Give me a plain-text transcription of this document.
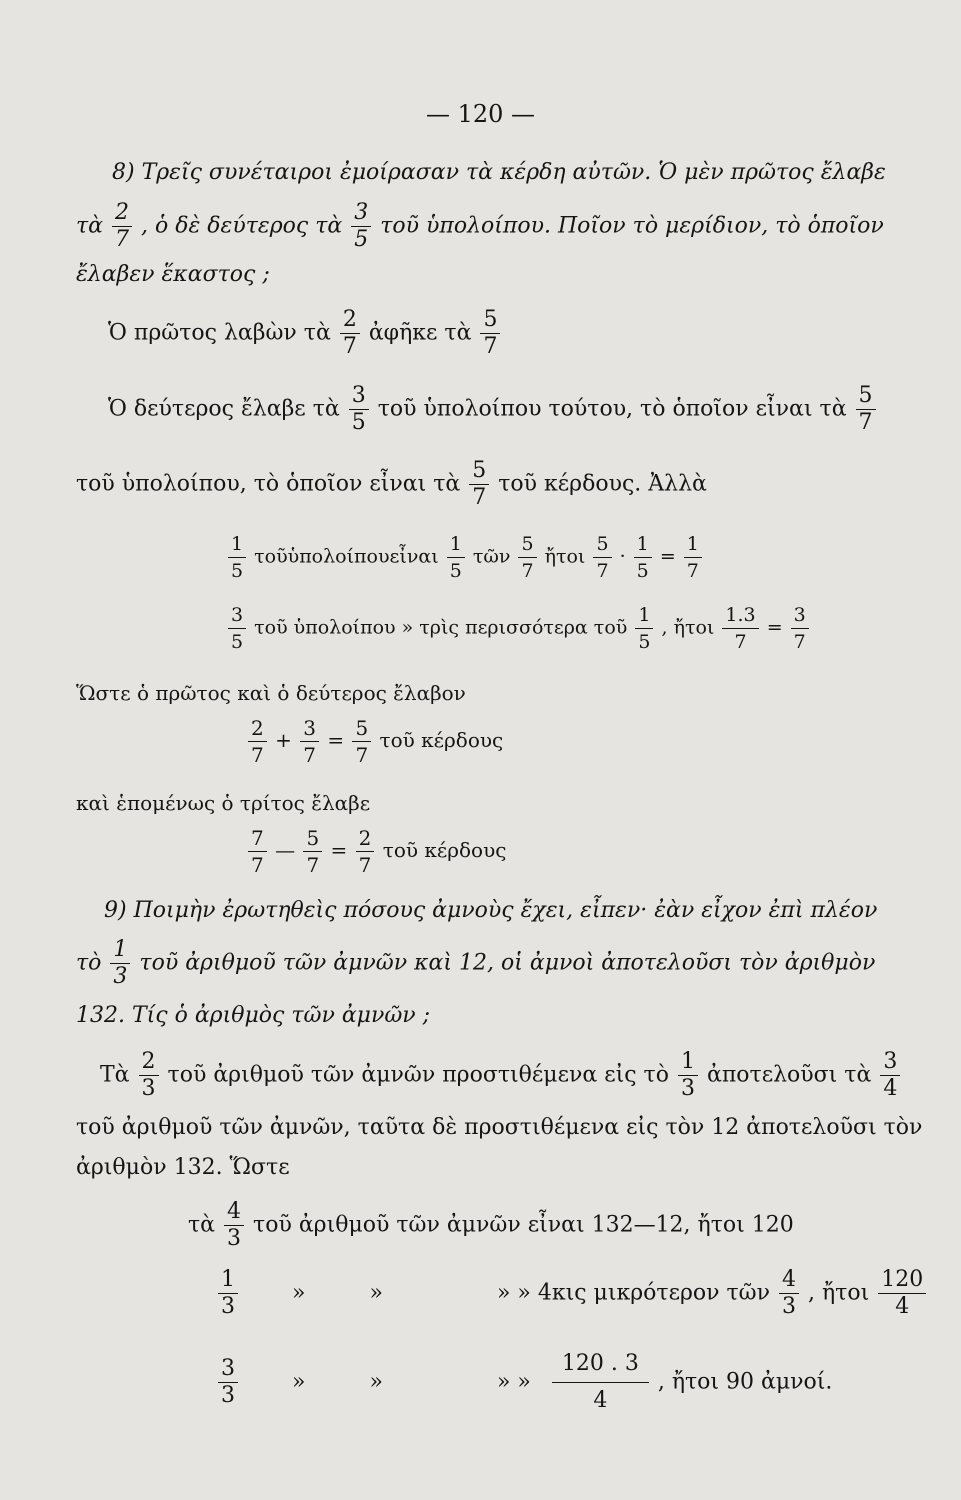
— 120 —
8) Τρεῖς συνέταιροι ἐμοίρασαν τὰ κέρδη αὐτῶν. Ὁ μὲν πρῶτος ἔλαβε
τὰ $\frac{2}{7}$ , ὁ δὲ δεύτερος τὰ $\frac{3}{5}$ τοῦ ὑπολοίπου. Ποῖον τὸ μερίδιον, τὸ ὁποῖον
ἔλαβεν ἕκαστος ;
Ὁ πρῶτος λαβὼν τὰ $\frac{2}{7}$ ἀφῆκε τὰ $\frac{5}{7}$
Ὁ δεύτερος ἔλαβε τὰ $\frac{3}{5}$ τοῦ ὑπολοίπου τούτου, τὸ ὁποῖον εἶναι τὰ $\frac{5}{7}$
τοῦ ὑπολοίπου, τὸ ὁποῖον εἶναι τὰ $\frac{5}{7}$ τοῦ κέρδους. Ἀλλὰ
$\frac{1}{5}$ τοῦὑπολοίπουεἶναι $\frac{1}{5}$ τῶν $\frac{5}{7}$ ἤτοι $\frac{5}{7} \cdot \frac{1}{5} = \frac{1}{7}$
$\frac{3}{5}$ τοῦ ὑπολοίπου » τρὶς περισσότερα τοῦ $\frac{1}{5}$ , ἤτοι $\frac{1.3}{7} = \frac{3}{7}$
Ὥστε ὁ πρῶτος καὶ ὁ δεύτερος ἔλαβον
$\frac{2}{7} + \frac{3}{7} = \frac{5}{7}$ τοῦ κέρδους
καὶ ἑπομένως ὁ τρίτος ἔλαβε
$\frac{7}{7}$ — $\frac{5}{7} = \frac{2}{7}$ τοῦ κέρδους
9) Ποιμὴν ἐρωτηθεὶς πόσους ἀμνοὺς ἔχει, εἶπεν· ἐὰν εἶχον ἐπὶ πλέον
τὸ $\frac{1}{3}$ τοῦ ἀριθμοῦ τῶν ἀμνῶν καὶ 12, οἱ ἀμνοὶ ἀποτελοῦσι τὸν ἀριθμὸν
132. Τίς ὁ ἀριθμὸς τῶν ἀμνῶν ;
Τὰ $\frac{2}{3}$ τοῦ ἀριθμοῦ τῶν ἀμνῶν προστιθέμενα εἰς τὸ $\frac{1}{3}$ ἀποτελοῦσι τὰ $\frac{3}{4}$
τοῦ ἀριθμοῦ τῶν ἀμνῶν, ταῦτα δὲ προστιθέμενα εἰς τὸν 12 ἀποτελοῦσι τὸν
ἀριθμὸν 132. Ὥστε
τὰ $\frac{4}{3}$ τοῦ ἀριθμοῦ τῶν ἀμνῶν εἶναι 132—12, ἤτοι 120
$\frac{1}{3}$ »	»	» » 4κις μικρότερον τῶν $\frac{4}{3}$ , ἤτοι $\frac{120}{4}$
$\frac{3}{3}$ »	»	» » $\frac{120 . 3}{4}$ , ἤτοι 90 ἀμνοί.
